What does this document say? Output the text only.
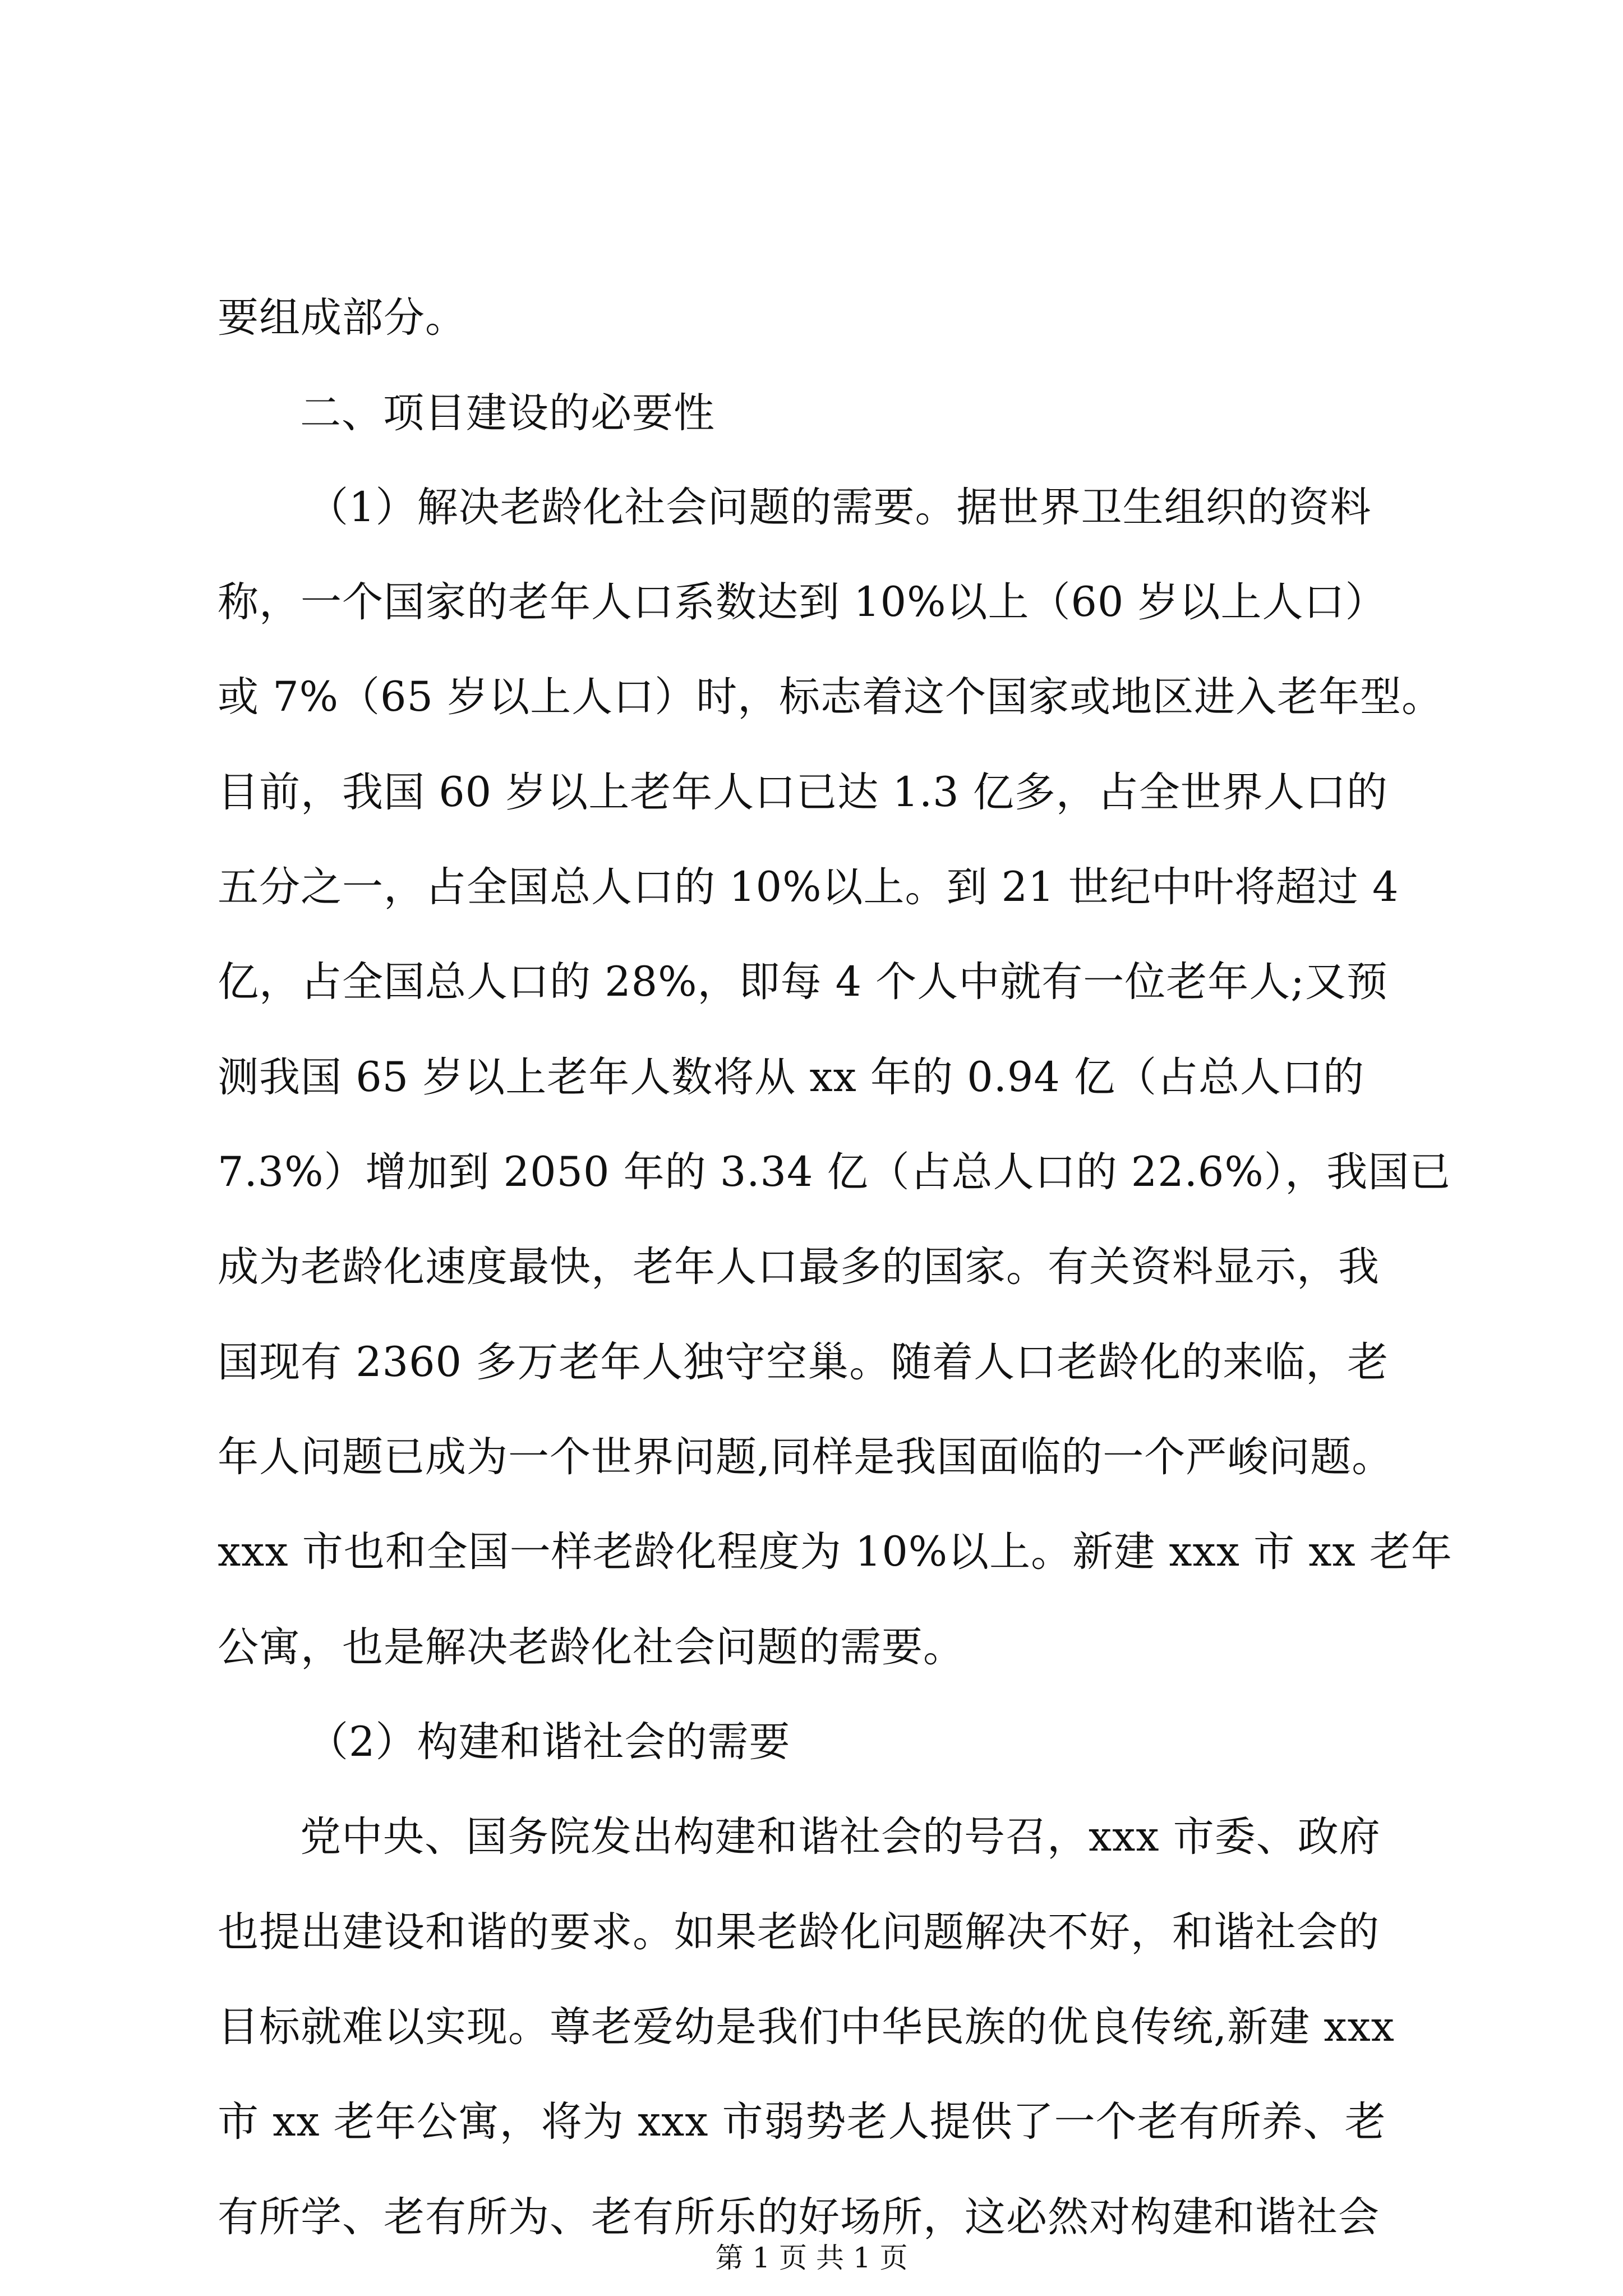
要组成部分。
二、项目建设的必要性
（1）解决老龄化社会问题的需要。据世界卫生组织的资料
称，一个国家的老年人口系数达到 10%以上（60 岁以上人口）
或 7%（65 岁以上人口）时，标志着这个国家或地区进入老年型。
目前，我国 60 岁以上老年人口已达 1.3 亿多，占全世界人口的
五分之一，占全国总人口的 10%以上。到 21 世纪中叶将超过 4
亿，占全国总人口的 28%，即每 4 个人中就有一位老年人;又预
测我国 65 岁以上老年人数将从 xx 年的 0.94 亿（占总人口的
7.3%）增加到 2050 年的 3.34 亿（占总人口的 22.6%），我国已
成为老龄化速度最快，老年人口最多的国家。有关资料显示，我
国现有 2360 多万老年人独守空巢。随着人口老龄化的来临，老
年人问题已成为一个世界问题,同样是我国面临的一个严峻问题。
xxx 市也和全国一样老龄化程度为 10%以上。新建 xxx 市 xx 老年
公寓，也是解决老龄化社会问题的需要。
（2）构建和谐社会的需要
党中央、国务院发出构建和谐社会的号召，xxx 市委、政府
也提出建设和谐的要求。如果老龄化问题解决不好，和谐社会的
目标就难以实现。尊老爱幼是我们中华民族的优良传统,新建 xxx
市 xx 老年公寓，将为 xxx 市弱势老人提供了一个老有所养、老
有所学、老有所为、老有所乐的好场所，这必然对构建和谐社会
第 1 页 共 1 页
